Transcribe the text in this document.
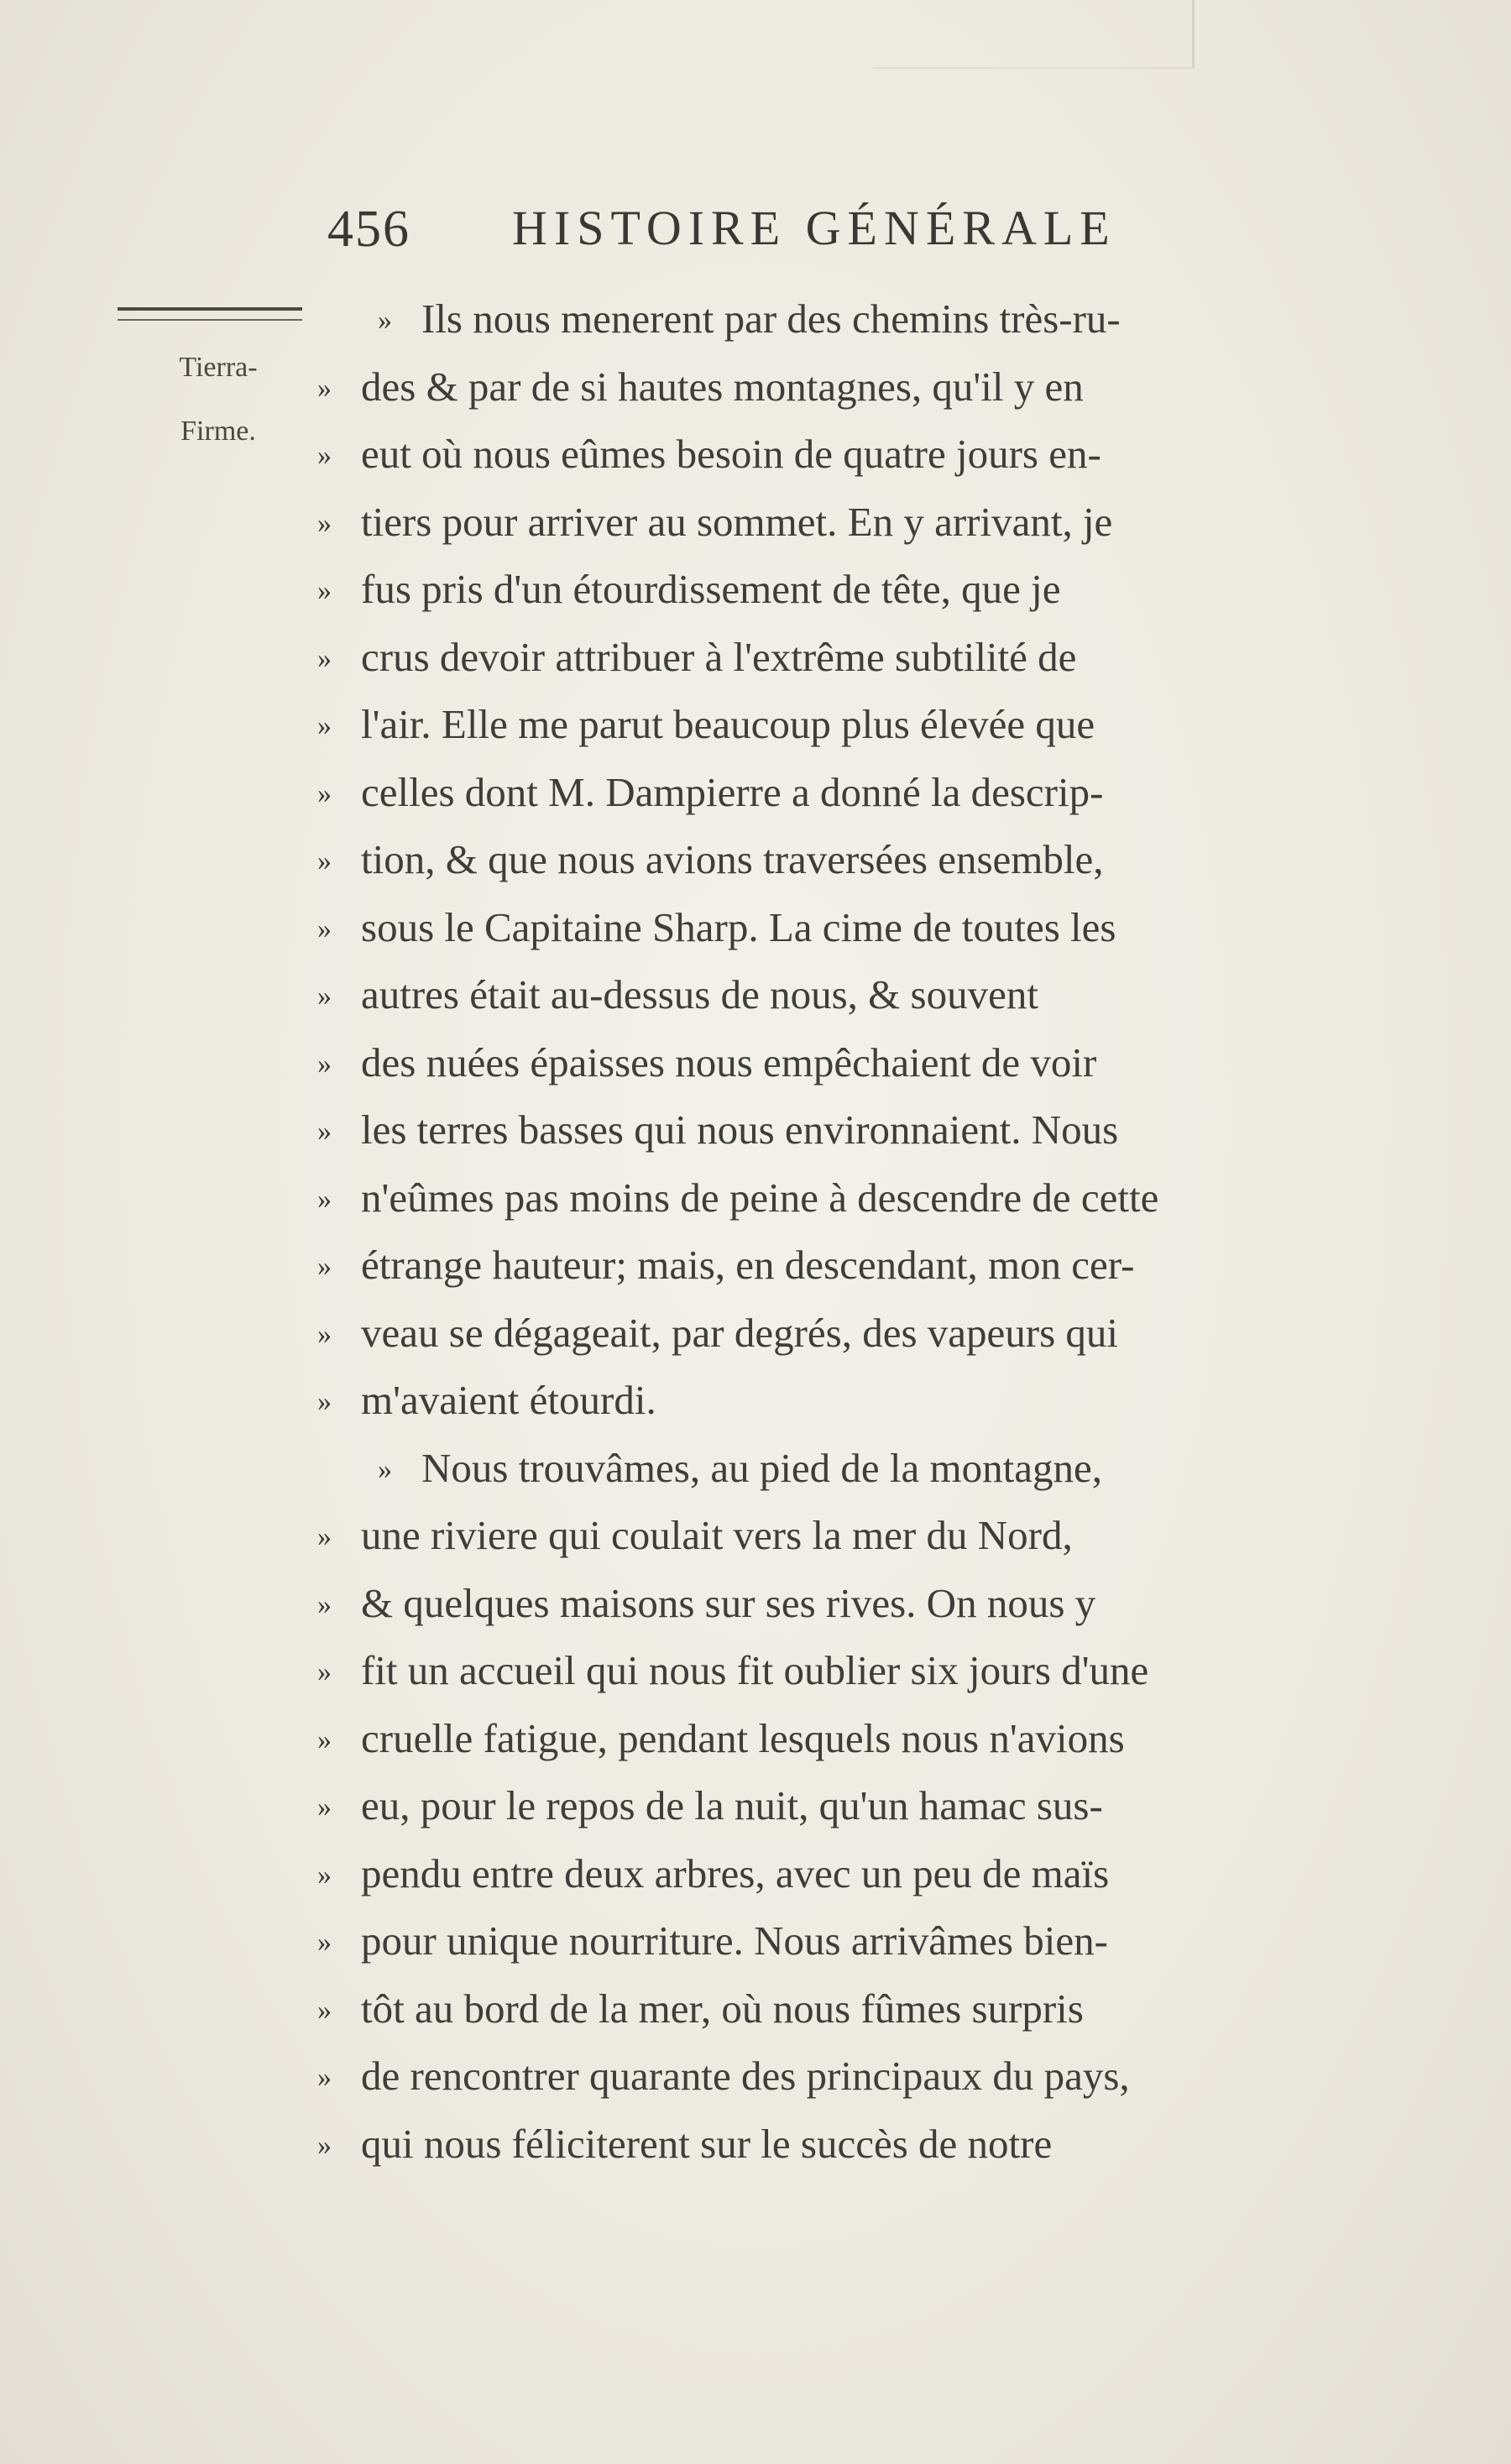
456 HISTOIRE GÉNÉRALE
Tierra-
Firme.
» Ils nous menerent par des chemins très-ru-
» des & par de si hautes montagnes, qu'il y en
» eut où nous eûmes besoin de quatre jours en-
» tiers pour arriver au sommet. En y arrivant, je
» fus pris d'un étourdissement de tête, que je
» crus devoir attribuer à l'extrême subtilité de
» l'air. Elle me parut beaucoup plus élevée que
» celles dont M. Dampierre a donné la descrip-
» tion, & que nous avions traversées ensemble,
» sous le Capitaine Sharp. La cime de toutes les
» autres était au-dessus de nous, & souvent
» des nuées épaisses nous empêchaient de voir
» les terres basses qui nous environnaient. Nous
» n'eûmes pas moins de peine à descendre de cette
» étrange hauteur; mais, en descendant, mon cer-
» veau se dégageait, par degrés, des vapeurs qui
» m'avaient étourdi.
» Nous trouvâmes, au pied de la montagne,
» une riviere qui coulait vers la mer du Nord,
» & quelques maisons sur ses rives. On nous y
» fit un accueil qui nous fit oublier six jours d'une
» cruelle fatigue, pendant lesquels nous n'avions
» eu, pour le repos de la nuit, qu'un hamac sus-
» pendu entre deux arbres, avec un peu de maïs
» pour unique nourriture. Nous arrivâmes bien-
» tôt au bord de la mer, où nous fûmes surpris
» de rencontrer quarante des principaux du pays,
» qui nous féliciterent sur le succès de notre
